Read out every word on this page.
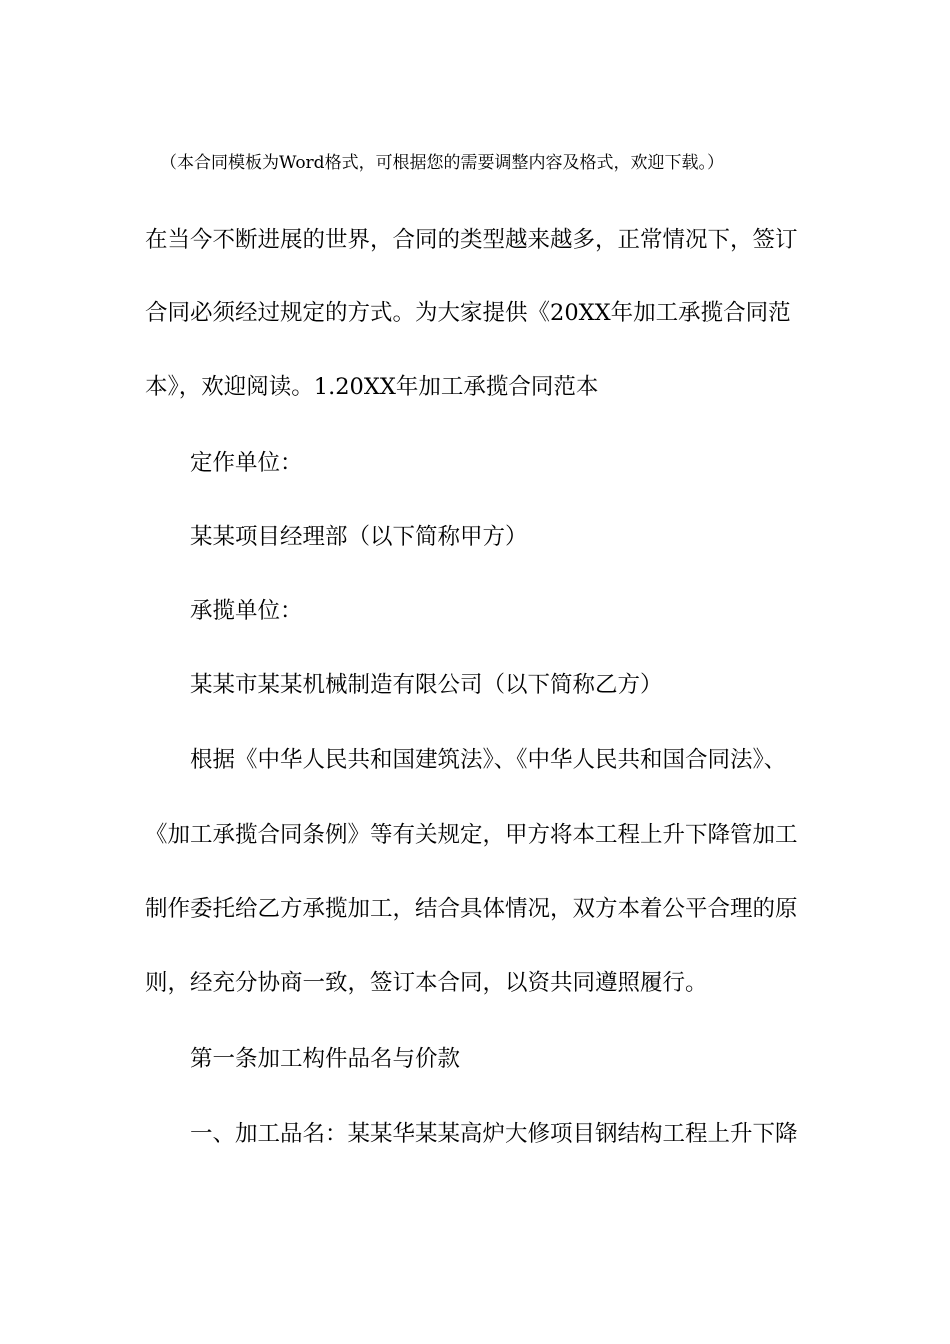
（本合同模板为Word格式，可根据您的需要调整内容及格式，欢迎下载。）
在当今不断进展的世界，合同的类型越来越多，正常情况下，签订
合同必须经过规定的方式。为大家提供《20XX年加工承揽合同范
本》，欢迎阅读。1.20XX年加工承揽合同范本
定作单位：
某某项目经理部（以下简称甲方）
承揽单位：
某某市某某机械制造有限公司（以下简称乙方）
根据《中华人民共和国建筑法》、《中华人民共和国合同法》、
《加工承揽合同条例》等有关规定，甲方将本工程上升下降管加工
制作委托给乙方承揽加工，结合具体情况，双方本着公平合理的原
则，经充分协商一致，签订本合同，以资共同遵照履行。
第一条加工构件品名与价款
一、加工品名：某某华某某高炉大修项目钢结构工程上升下降
